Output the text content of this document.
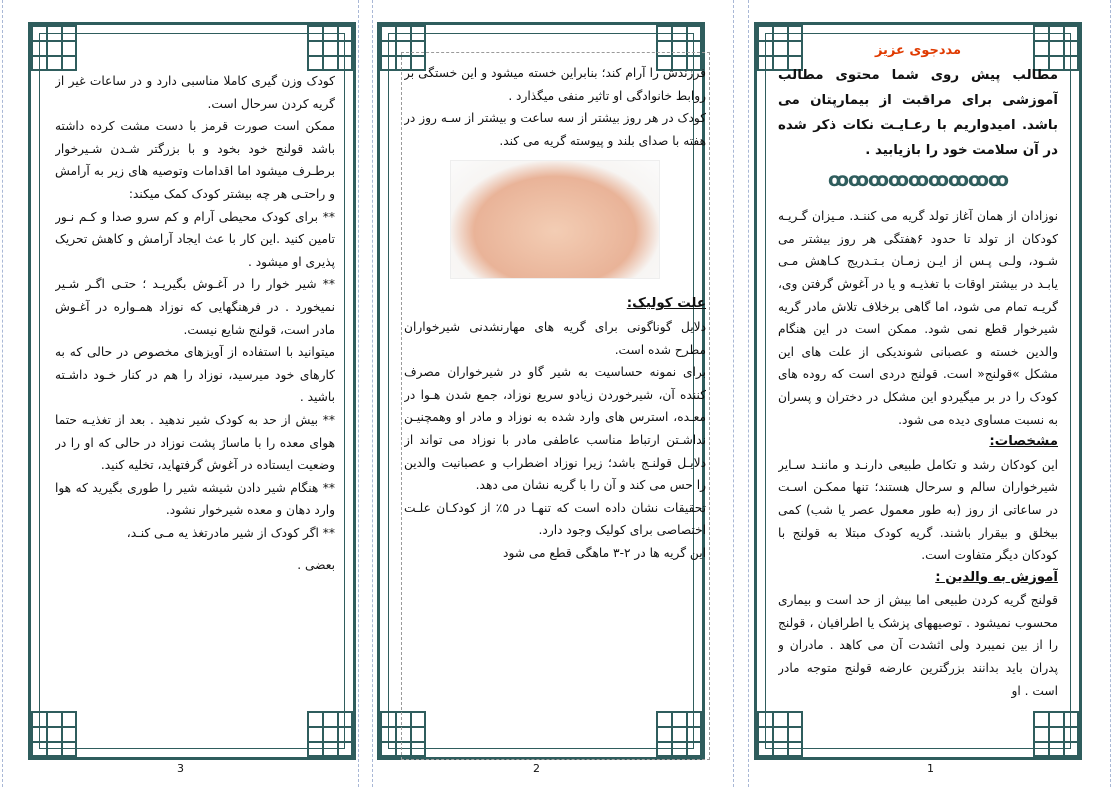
مددجوی عزیز

مطالب پیش روی شما محتوی مطالب آموزشی برای مراقبت از بیمارپتان می باشد. امیدواریم با رعـایـت نکات ذکر شده در آن سلامت خود را بازیابید .

ꝏꝏꝏꝏꝏꝏꝏꝏꝏ

نوزادان از همان آغاز تولد گریه می کننـد. مـیزان گـریـه کودکان از تولد تا حدود ۶هفتگی هر روز بیشتر می شـود، ولـی پـس از ایـن زمـان بـتـدریج کـاهش مـی یابـد در بیشتر اوقات با تغذیـه و یا در آغوش گرفتن وی، گریـه تمام می شود، اما گاهی برخلاف تلاش مادر گریه شیرخوار قطع نمی شود. ممکن است در این هنگام والدین خسته و عصبانی شوندیکی از علت های این مشکل »قولنج« است. قولنج دردی است که روده های کودک را در بر میگیردو این مشکل در دختران و پسران به نسبت مساوی دیده می شود.

مشخصات:

این کودکان رشد و تکامل طبیعی دارنـد و ماننـد سـایر شیرخواران سالم و سرحال هستند؛ تنها ممکـن اسـت در ساعاتی از روز (به طور معمول عصر یا شب) کمی بیخلق و بیقرار باشند. گریه کودک مبتلا به قولنج با کودکان دیگر متفاوت است.

آموزش به والدین :

قولنج گریه کردن طبیعی اما بیش از حد است و بیماری محسوب نمیشود . توصیههای پزشک یا اطرافیان ، قولنج را از بین نمیبرد ولی اثشدت آن می کاهد . مادران و پدران باید بدانند بزرگترین عارضه قولنج متوجه مادر است . او

فرزندش را آرام کند؛ بنابراین خسته میشود و این خستگی بر روابط خانوادگی او تاثیر منفی میگذارد .

کودک در هر روز بیشتر از سه ساعت و بیشتر از سـه روز در هفته با صدای بلند و پیوسته گریه می کند.

علت کولیک:

دلایل گوناگونی برای گریه های مهارنشدنی شیرخواران مطرح شده است.

برای نمونه حساسیت به شیر گاو در شیرخواران مصرف کننده آن، شیرخوردن زیادو سریع نوزاد، جمع شدن هـوا در معـده، استرس های وارد شده به نوزاد و مادر او وهمچنیـن نداشـتن ارتباط مناسب عاطفی مادر با نوزاد می تواند از دلایـل قولنـج باشد؛ زیرا نوزاد اضطراب و عصبانیت والدین را حس می کند و آن را با گریه نشان می دهد.

تحقیقات نشان داده است که تنهـا در ۵٪ از کودکـان علـت اختصاصی برای کولیک وجود دارد.

این گریه ها در ۲-۳ ماهگی قطع می شود

کودک وزن گیری کاملا مناسبی دارد و در ساعات غیر از گریه کردن سرحال است.

ممکن است صورت قرمز با دست مشت کرده داشته باشد قولنج خود بخود و با بزرگتر شـدن شـیرخوار برطـرف میشود اما اقدامات وتوصیه های زیر به آرامش و راحتـی هر چه بیشتر کودک کمک میکند:

** برای کودک محیطی آرام و کم سرو صدا و کـم نـور تامین کنید .این کار با عث ایجاد آرامش و کاهش تحریک پذیری او میشود .

** شیر خوار را در آغـوش بگیریـد ؛ حتـی اگـر شـیر نمیخورد . در فرهنگهایی که نوزاد همـواره در آغـوش مادر است، قولنج شایع نیست.

میتوانید با استفاده از آویزهای مخصوص در حالی که به کارهای خود میرسید، نوزاد را هم در کنار خـود داشـته باشید .

** بیش از حد به کودک شیر ندهید . بعد از تغذیـه حتما هوای معده را با ماساژ پشت نوزاد در حالی که او را در وضعیت ایستاده در آغوش گرفتهاید، تخلیه کنید.

** هنگام شیر دادن شیشه شیر را طوری بگیرید که هوا وارد دهان و معده شیرخوار نشود.

** اگر کودک از شیر مادرتغذ یه مـی کنـد،

بعضی .

1
2
3
